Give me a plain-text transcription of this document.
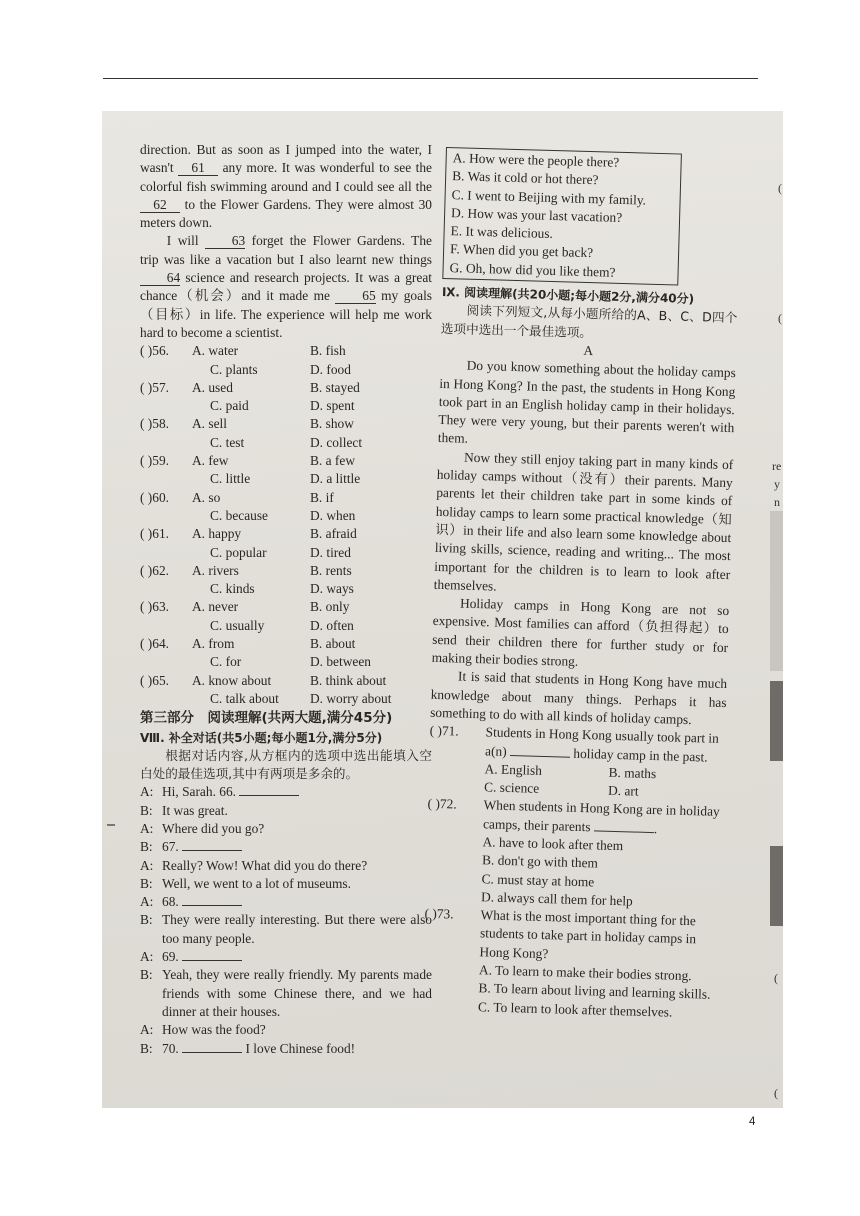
direction. But as soon as I jumped into the water, I wasn't 61 any more. It was wonderful to see the colorful fish swimming around and I could see all the 62 to the Flower Gardens. They were almost 30 meters down.

I will 63 forget the Flower Gardens. The trip was like a vacation but I also learnt new things 64 science and research projects. It was a great chance（机会）and it made me 65 my goals（目标）in life. The experience will help me work hard to become a scientist.

( )56.	A. water	B. fish
C. plants	D. food
( )57.	A. used	B. stayed
C. paid	D. spent
( )58.	A. sell	B. show
C. test	D. collect
( )59.	A. few	B. a few
C. little	D. a little
( )60.	A. so	B. if
C. because	D. when
( )61.	A. happy	B. afraid
C. popular	D. tired
( )62.	A. rivers	B. rents
C. kinds	D. ways
( )63.	A. never	B. only
C. usually	D. often
( )64.	A. from	B. about
C. for	D. between
( )65.	A. know about	B. think about
C. talk about	D. worry about
第三部分　阅读理解(共两大题,满分45分)
Ⅷ. 补全对话(共5小题;每小题1分,满分5分)

根据对话内容,从方框内的选项中选出能填入空白处的最佳选项,其中有两项是多余的。

A: Hi, Sarah. 66.
B: It was great.
A: Where did you go?
B: 67.
A: Really? Wow! What did you do there?
B: Well, we went to a lot of museums.
A: 68.
B: They were really interesting. But there were also too many people.
A: 69.
B: Yeah, they were really friendly. My parents made friends with some Chinese there, and we had dinner at their houses.
A: How was the food?
B: 70.	I love Chinese food!
A. How were the people there?
B. Was it cold or hot there?
C. I went to Beijing with my family.
D. How was your last vacation?
E. It was delicious.
F. When did you get back?
G. Oh, how did you like them?
Ⅸ. 阅读理解(共20小题;每小题2分,满分40分)

阅读下列短文,从每小题所给的A、B、C、D四个选项中选出一个最佳选项。

A

Do you know something about the holiday camps in Hong Kong? In the past, the students in Hong Kong took part in an English holiday camp in their holidays. They were very young, but their parents weren't with them.

Now they still enjoy taking part in many kinds of holiday camps without（没有）their parents. Many parents let their children take part in some kinds of holiday camps to learn some practical knowledge（知识）in their life and also learn some knowledge about living skills, science, reading and writing... The most important for the children is to learn to look after themselves.

Holiday camps in Hong Kong are not so expensive. Most families can afford（负担得起）to send their children there for further study or for making their bodies strong.

It is said that students in Hong Kong have much knowledge about many things. Perhaps it has something to do with all kinds of holiday camps.

( )71.	Students in Hong Kong usually took part in a(n)	holiday camp in the past.
A. English	B. maths
C. science	D. art
( )72.	When students in Hong Kong are in holiday camps, their parents	.
A. have to look after them
B. don't go with them
C. must stay at home
D. always call them for help
( )73.	What is the most important thing for the students to take part in holiday camps in Hong Kong?
A. To learn to make their bodies strong.
B. To learn about living and learning skills.
C. To learn to look after themselves.
(
(
re
y
n
(
(
4
